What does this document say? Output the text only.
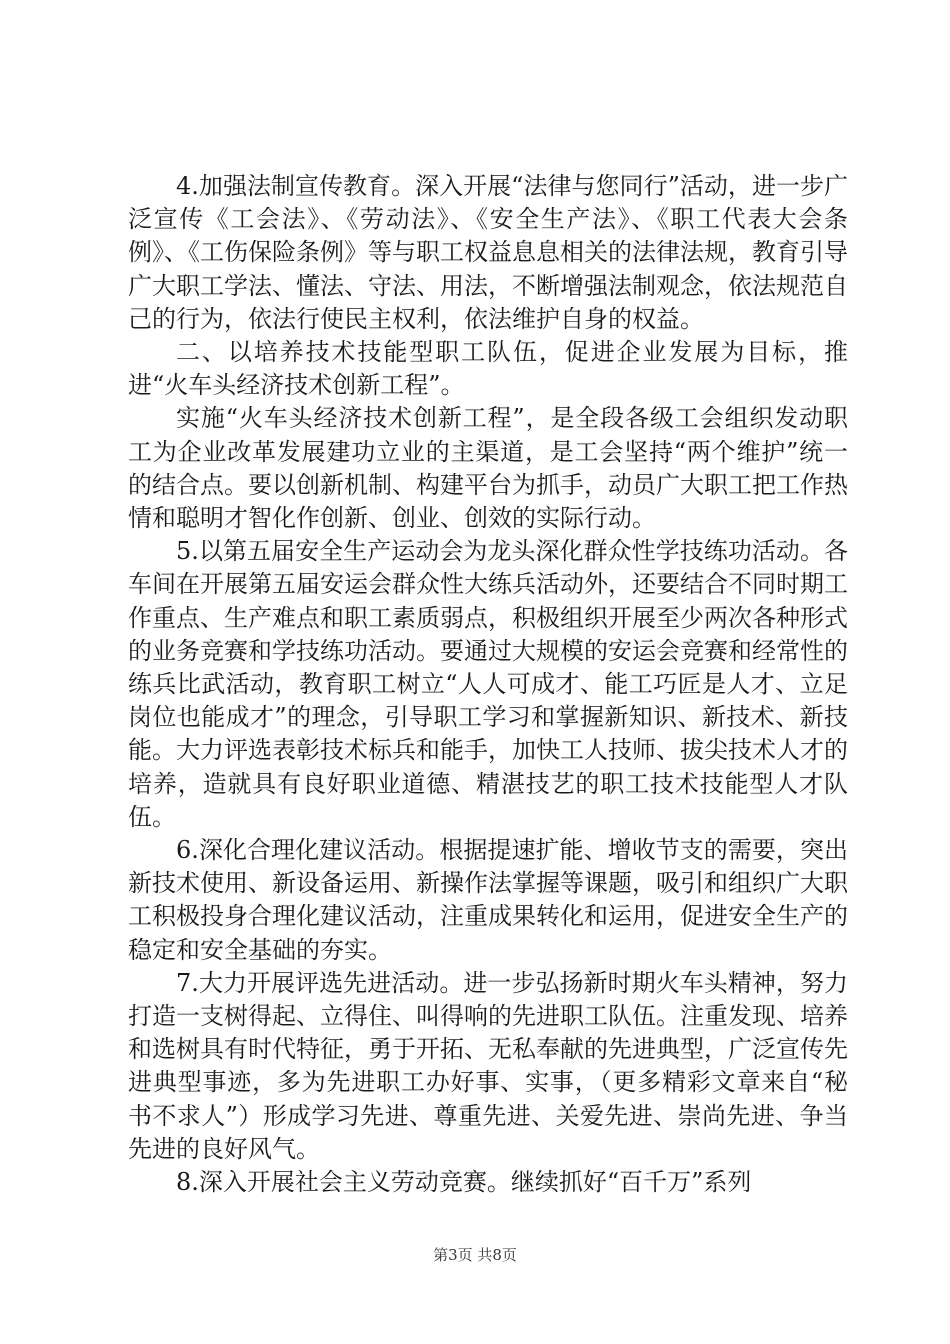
4.加强法制宣传教育。深入开展“法律与您同行”活动，进一步广泛宣传《工会法》、《劳动法》、《安全生产法》、《职工代表大会条例》、《工伤保险条例》等与职工权益息息相关的法律法规，教育引导广大职工学法、懂法、守法、用法，不断增强法制观念，依法规范自己的行为，依法行使民主权利，依法维护自身的权益。

二、以培养技术技能型职工队伍，促进企业发展为目标，推进“火车头经济技术创新工程”。

实施“火车头经济技术创新工程”，是全段各级工会组织发动职工为企业改革发展建功立业的主渠道，是工会坚持“两个维护”统一的结合点。要以创新机制、构建平台为抓手，动员广大职工把工作热情和聪明才智化作创新、创业、创效的实际行动。

5.以第五届安全生产运动会为龙头深化群众性学技练功活动。各车间在开展第五届安运会群众性大练兵活动外，还要结合不同时期工作重点、生产难点和职工素质弱点，积极组织开展至少两次各种形式的业务竞赛和学技练功活动。要通过大规模的安运会竞赛和经常性的练兵比武活动，教育职工树立“人人可成才、能工巧匠是人才、立足岗位也能成才”的理念，引导职工学习和掌握新知识、新技术、新技能。大力评选表彰技术标兵和能手，加快工人技师、拔尖技术人才的培养，造就具有良好职业道德、精湛技艺的职工技术技能型人才队伍。

6.深化合理化建议活动。根据提速扩能、增收节支的需要，突出新技术使用、新设备运用、新操作法掌握等课题，吸引和组织广大职工积极投身合理化建议活动，注重成果转化和运用，促进安全生产的稳定和安全基础的夯实。

7.大力开展评选先进活动。进一步弘扬新时期火车头精神，努力打造一支树得起、立得住、叫得响的先进职工队伍。注重发现、培养和选树具有时代特征，勇于开拓、无私奉献的先进典型，广泛宣传先进典型事迹，多为先进职工办好事、实事，（更多精彩文章来自“秘书不求人”）形成学习先进、尊重先进、关爱先进、崇尚先进、争当先进的良好风气。

8.深入开展社会主义劳动竞赛。继续抓好“百千万”系列

第3页 共8页
